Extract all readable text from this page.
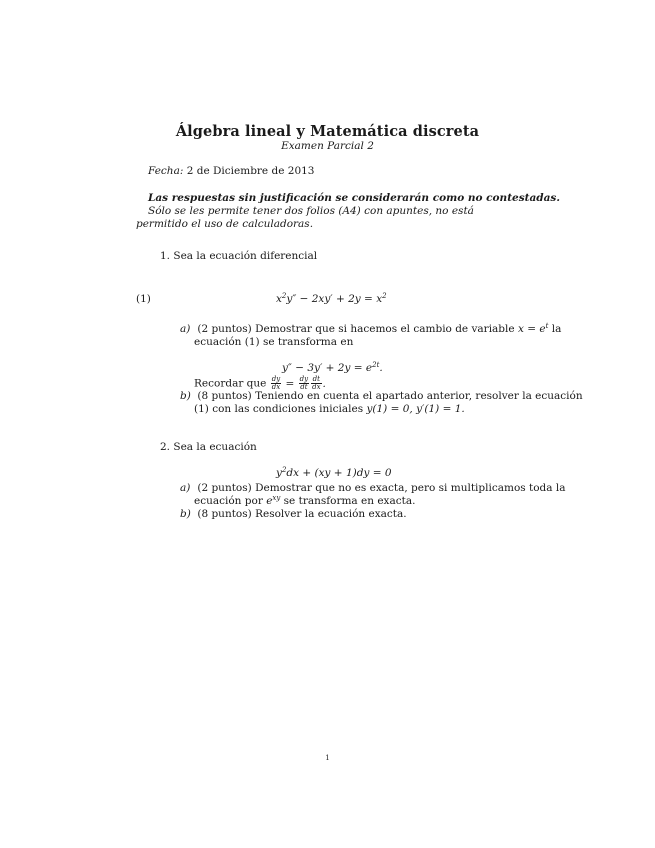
Álgebra lineal y Matemática discreta
Examen Parcial 2
Fecha: 2 de Diciembre de 2013
Las respuestas sin justificación se considerarán como no contestadas.
Sólo se les permite tener dos folios (A4) con apuntes, no está permitido el uso de calculadoras.
1. Sea la ecuación diferencial
(1)	$x^2y'' - 2xy' + 2y = x^2$
a) (2 puntos) Demostrar que si hacemos el cambio de variable $x = e^t$ la
ecuación (1) se transforma en
$y'' - 3y' + 2y = e^{2t}$.
Recordar que $\frac{dy}{dx} = \frac{dy}{dt} \frac{dt}{dx}$ .
b) (8 puntos) Teniendo en cuenta el apartado anterior, resolver la ecuación
(1) con las condiciones iniciales y(1) = 0, y′(1) = 1.
2. Sea la ecuación
$y^2dx + (xy + 1)dy = 0$
a) (2 puntos) Demostrar que no es exacta, pero si multiplicamos toda la
ecuación por $e^{xy}$ se transforma en exacta.
b) (8 puntos) Resolver la ecuación exacta.
1
